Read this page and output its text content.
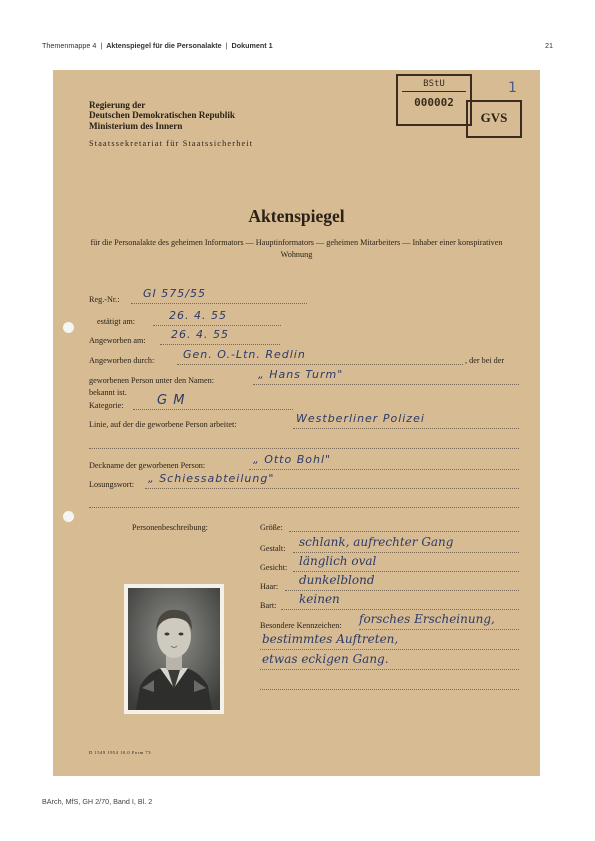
Themenmappe 4  |  Aktenspiegel für die Personalakte  |  Dokument 1	21
Regierung der
Deutschen Demokratischen Republik
Ministerium des Innern
Staatssekretariat für Staatssicherheit
BStU
000002
GVS
1
Aktenspiegel
für die Personalakte des geheimen Informators — Hauptinformators — geheimen Mitarbeiters — Inhaber einer konspirativen Wohnung
Reg.-Nr.: GI 575/55
estätigt am:	26. 4. 55
Angeworben am: 26. 4. 55
Angeworben durch:	Gen. O.-Ltn. Redlin	, der bei der
geworbenen Person unter den Namen:	„ Hans Turm"
bekannt ist.
Kategorie:	G M
Linie, auf der die geworbene Person arbeitet:	Westberliner Polizei
Deckname der geworbenen Person:	„ Otto Bohl"
Losungswort: „ Schiessabteilung"
Personenbeschreibung:	Größe:
Gestalt: schlank, aufrechter Gang
Gesicht: länglich oval
Haar: dunkelblond
Bart: keinen
Besondere Kennzeichen: forsches Erscheinung,
bestimmtes Auftreten,
etwas eckigen Gang.
D 1549 1954 10.0 Form 73
BArch, MfS, GH 2/70, Band I, Bl. 2
